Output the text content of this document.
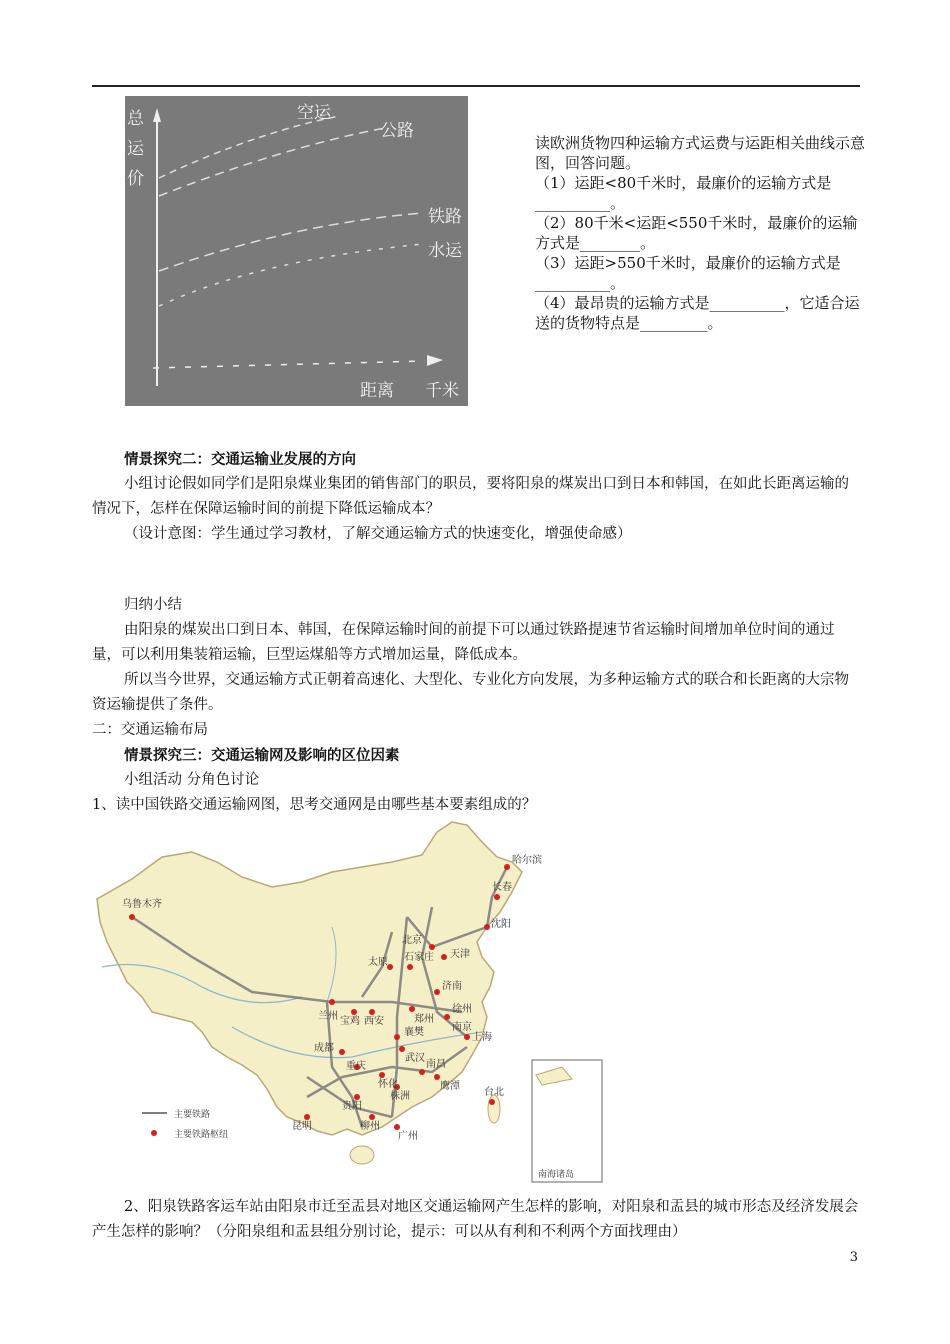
总
运
价
空运
公路
铁路
水运
距离 千米

读欧洲货物四种运输方式运费与运距相关曲线示意图，回答问题。

（1）运距<80千米时，最廉价的运输方式是__________。

（2）80千米<运距<550千米时，最廉价的运输方式是________。

（3）运距>550千米时，最廉价的运输方式是__________。

（4）最昂贵的运输方式是__________，它适合运送的货物特点是_________。

情景探究二：交通运输业发展的方向

小组讨论假如同学们是阳泉煤业集团的销售部门的职员，要将阳泉的煤炭出口到日本和韩国，在如此长距离运输的情况下，怎样在保障运输时间的前提下降低运输成本？

（设计意图：学生通过学习教材，了解交通运输方式的快速变化，增强使命感）

归纳小结

由阳泉的煤炭出口到日本、韩国，在保障运输时间的前提下可以通过铁路提速节省运输时间增加单位时间的通过量，可以利用集装箱运输，巨型运煤船等方式增加运量，降低成本。

所以当今世界，交通运输方式正朝着高速化、大型化、专业化方向发展，为多种运输方式的联合和长距离的大宗物资运输提供了条件。

二：交通运输布局

情景探究三：交通运输网及影响的区位因素

小组活动 分角色讨论

1、读中国铁路交通运输网图，思考交通网是由哪些基本要素组成的？

乌鲁木齐
哈尔滨
长春
沈阳
北京
天津
石家庄
太原
济南
兰州 宝鸡 西安	郑州
徐州
南京
上海
襄樊
武汉
成都
重庆
怀化
株洲
南昌
鹰潭
贵阳
昆明	柳州
广州
台北
主要铁路
主要铁路枢纽
南海诸岛

2、阳泉铁路客运车站由阳泉市迁至盂县对地区交通运输网产生怎样的影响，对阳泉和盂县的城市形态及经济发展会产生怎样的影响？（分阳泉组和盂县组分别讨论，提示：可以从有利和不利两个方面找理由）

3
